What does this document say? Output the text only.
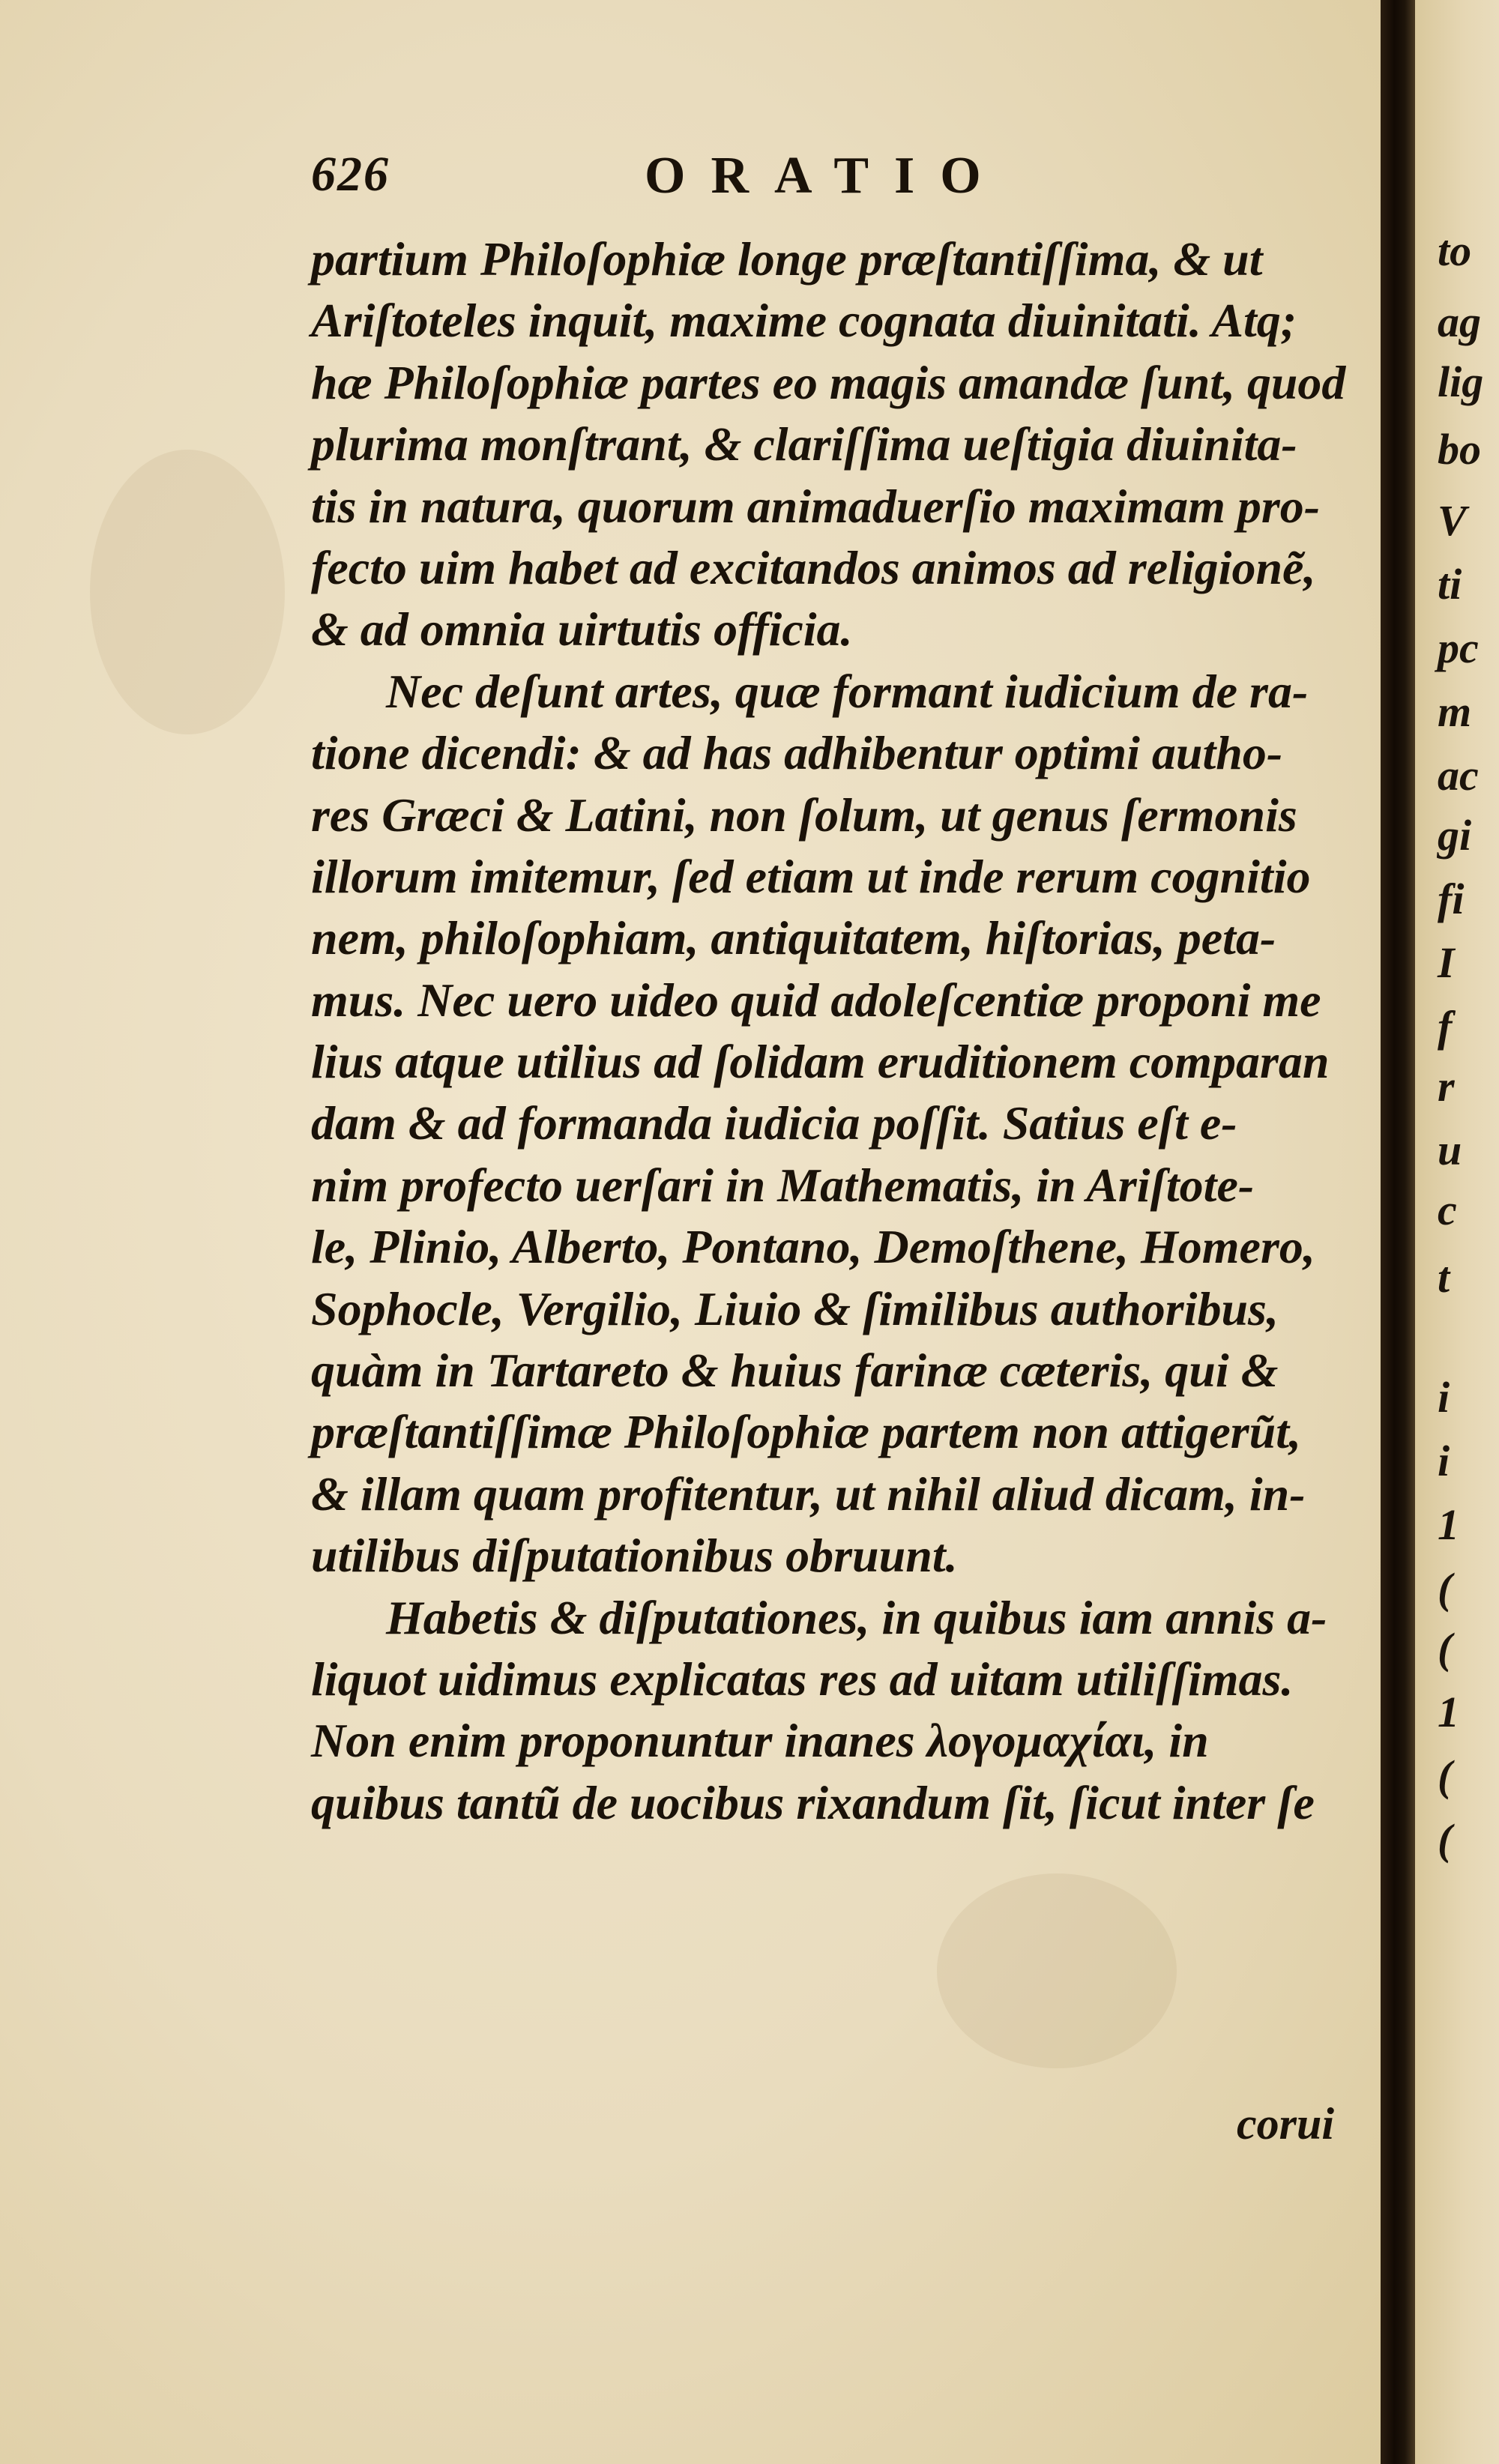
626	ORATIO
partium Philoſophiæ longe præſtantiſſima, & ut
Ariſtoteles inquit, maxime cognata diuinitati. Atq;
hæ Philoſophiæ partes eo magis amandæ ſunt, quod
plurima monſtrant, & clariſſima ueſtigia diuinita‐
tis in natura, quorum animaduerſio maximam pro‐
fecto uim habet ad excitandos animos ad religionẽ,
& ad omnia uirtutis officia.
Nec deſunt artes, quæ formant iudicium de ra‐
tione dicendi: & ad has adhibentur optimi autho‐
res Græci & Latini, non ſolum, ut genus ſermonis
illorum imitemur, ſed etiam ut inde rerum cognitio
nem, philoſophiam, antiquitatem, hiſtorias, peta‐
mus. Nec uero uideo quid adoleſcentiæ proponi me
lius atque utilius ad ſolidam eruditionem comparan
dam & ad formanda iudicia poſſit. Satius eſt e‐
nim profecto uerſari in Mathematis, in Ariſtote‐
le, Plinio, Alberto, Pontano, Demoſthene, Homero,
Sophocle, Vergilio, Liuio & ſimilibus authoribus,
quàm in Tartareto & huius farinæ cæteris, qui &
præſtantiſſimæ Philoſophiæ partem non attigerũt,
& illam quam profitentur, ut nihil aliud dicam, in‐
utilibus diſputationibus obruunt.
Habetis & diſputationes, in quibus iam annis a‐
liquot uidimus explicatas res ad uitam utiliſſimas.
Non enim proponuntur inanes λογομαχίαι, in
quibus tantũ de uocibus rixandum ſit, ſicut inter ſe
corui
to
ag
lig
bo
V
ti
pc
m
ac
gi
fi
I
f
r
u
c
t
i
i
1
(
(
1
(
(
